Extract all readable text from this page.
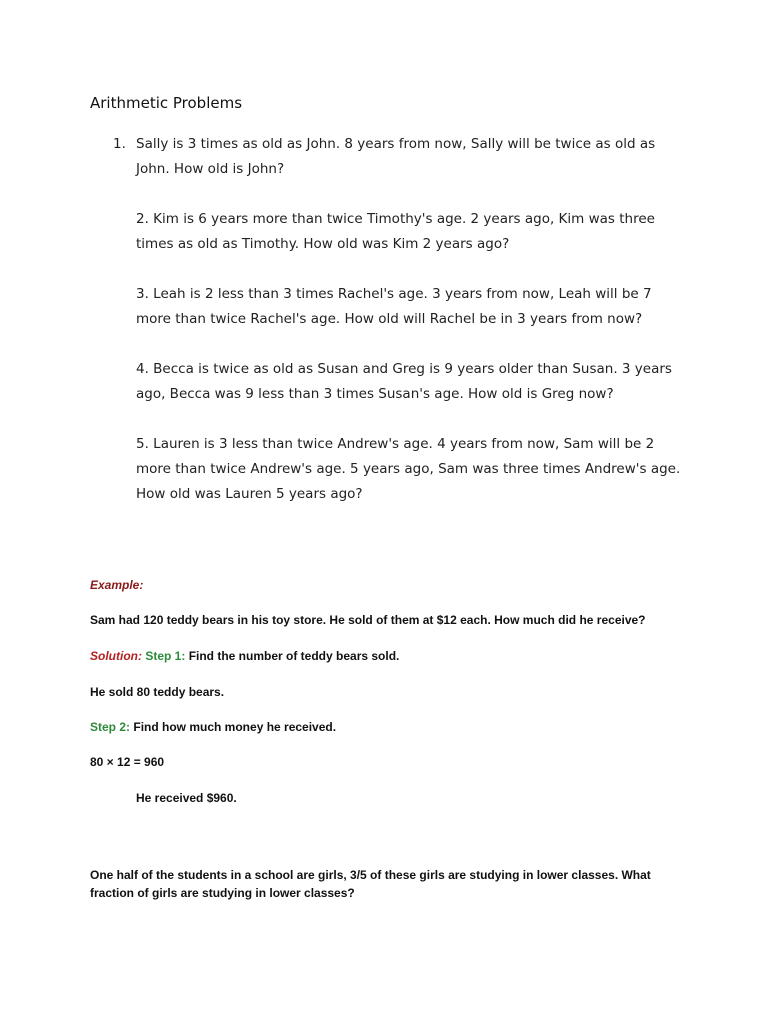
Arithmetic Problems
1. Sally is 3 times as old as John. 8 years from now, Sally will be twice as old as
John. How old is John?
2. Kim is 6 years more than twice Timothy's age. 2 years ago, Kim was three
times as old as Timothy. How old was Kim 2 years ago?
3. Leah is 2 less than 3 times Rachel's age. 3 years from now, Leah will be 7
more than twice Rachel's age. How old will Rachel be in 3 years from now?
4. Becca is twice as old as Susan and Greg is 9 years older than Susan. 3 years
ago, Becca was 9 less than 3 times Susan's age. How old is Greg now?
5. Lauren is 3 less than twice Andrew's age. 4 years from now, Sam will be 2
more than twice Andrew's age. 5 years ago, Sam was three times Andrew's age.
How old was Lauren 5 years ago?
Example:
Sam had 120 teddy bears in his toy store. He sold of them at $12 each. How much did he receive?
Solution: Step 1: Find the number of teddy bears sold.
He sold 80 teddy bears.
Step 2: Find how much money he received.
80 × 12 = 960
He received $960.
One half of the students in a school are girls, 3/5 of these girls are studying in lower classes. What
fraction of girls are studying in lower classes?
